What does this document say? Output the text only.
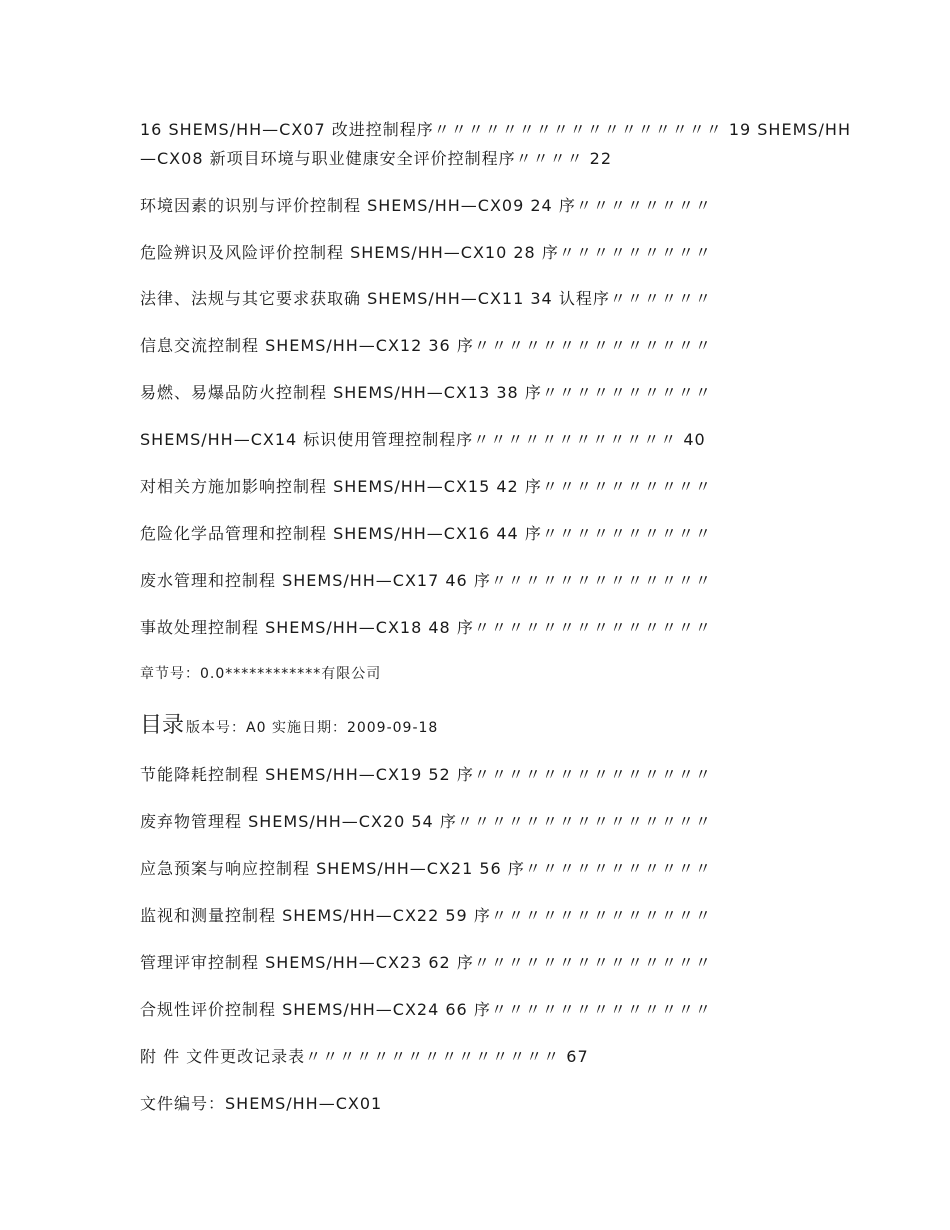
16 SHEMS/HH—CX07 改进控制程序〃〃〃〃〃〃〃〃〃〃〃〃〃〃〃〃〃 19 SHEMS/HH
—CX08 新项目环境与职业健康安全评价控制程序〃〃〃〃 22
环境因素的识别与评价控制程 SHEMS/HH—CX09 24 序〃〃〃〃〃〃〃〃
危险辨识及风险评价控制程 SHEMS/HH—CX10 28 序〃〃〃〃〃〃〃〃〃
法律、法规与其它要求获取确 SHEMS/HH—CX11 34 认程序〃〃〃〃〃〃
信息交流控制程 SHEMS/HH—CX12 36 序〃〃〃〃〃〃〃〃〃〃〃〃〃〃
易燃、易爆品防火控制程 SHEMS/HH—CX13 38 序〃〃〃〃〃〃〃〃〃〃
SHEMS/HH—CX14 标识使用管理控制程序〃〃〃〃〃〃〃〃〃〃〃〃 40
对相关方施加影响控制程 SHEMS/HH—CX15 42 序〃〃〃〃〃〃〃〃〃〃
危险化学品管理和控制程 SHEMS/HH—CX16 44 序〃〃〃〃〃〃〃〃〃〃
废水管理和控制程 SHEMS/HH—CX17 46 序〃〃〃〃〃〃〃〃〃〃〃〃〃
事故处理控制程 SHEMS/HH—CX18 48 序〃〃〃〃〃〃〃〃〃〃〃〃〃〃
章节号：0.0************有限公司
目录 版本号：A0 实施日期：2009-09-18
节能降耗控制程 SHEMS/HH—CX19 52 序〃〃〃〃〃〃〃〃〃〃〃〃〃〃
废弃物管理程 SHEMS/HH—CX20 54 序〃〃〃〃〃〃〃〃〃〃〃〃〃〃〃
应急预案与响应控制程 SHEMS/HH—CX21 56 序〃〃〃〃〃〃〃〃〃〃〃
监视和测量控制程 SHEMS/HH—CX22 59 序〃〃〃〃〃〃〃〃〃〃〃〃〃
管理评审控制程 SHEMS/HH—CX23 62 序〃〃〃〃〃〃〃〃〃〃〃〃〃〃
合规性评价控制程 SHEMS/HH—CX24 66 序〃〃〃〃〃〃〃〃〃〃〃〃〃
附 件 文件更改记录表〃〃〃〃〃〃〃〃〃〃〃〃〃〃〃 67
文件编号：SHEMS/HH—CX01
